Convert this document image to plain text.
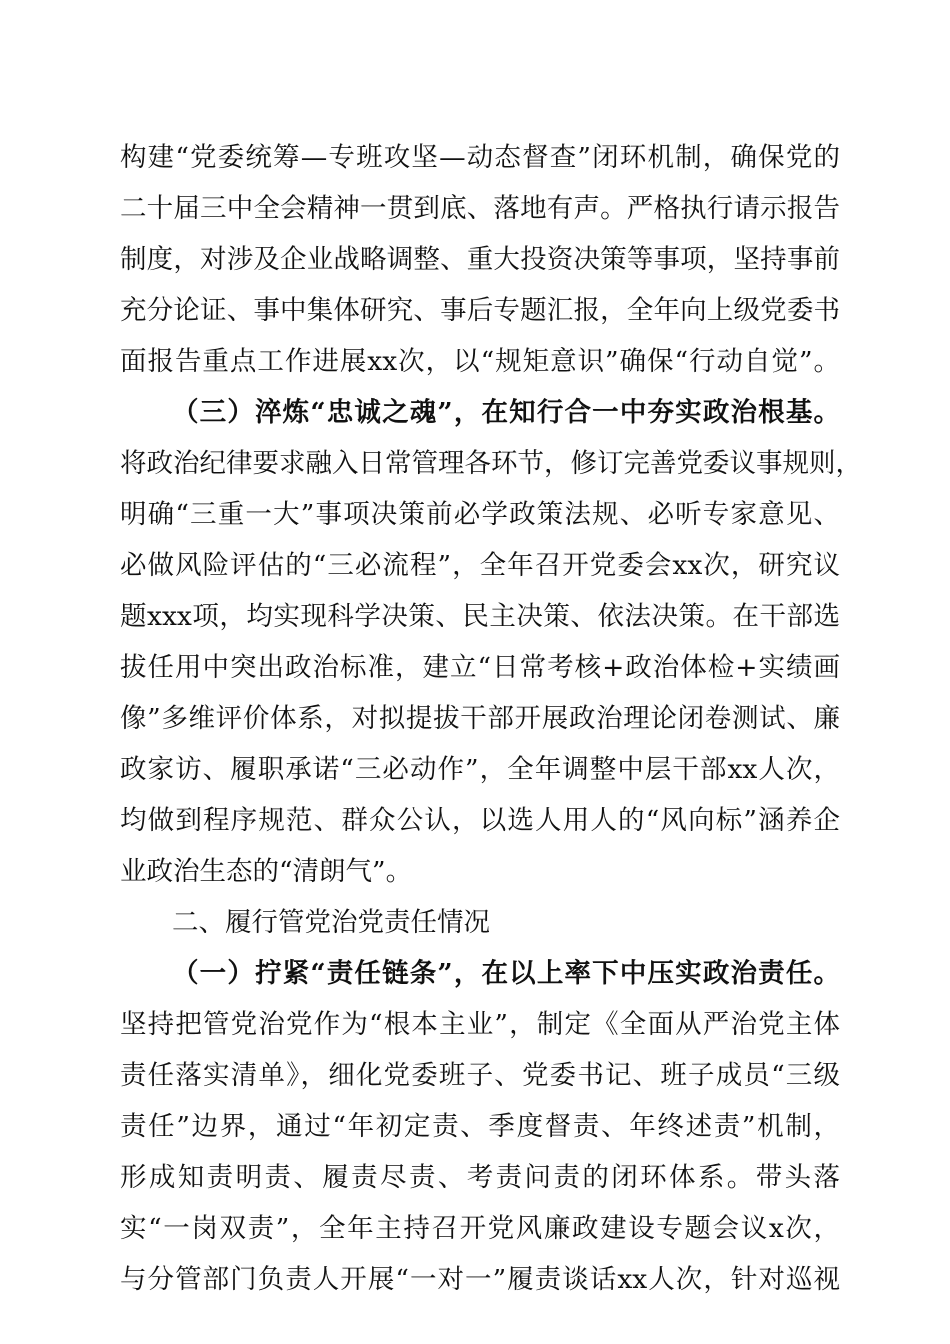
构建“党委统筹—专班攻坚—动态督查”闭环机制，确保党的
二十届三中全会精神一贯到底、落地有声。严格执行请示报告
制度，对涉及企业战略调整、重大投资决策等事项，坚持事前
充分论证、事中集体研究、事后专题汇报，全年向上级党委书
面报告重点工作进展xx次，以“规矩意识”确保“行动自觉”。
（三）淬炼“忠诚之魂”，在知行合一中夯实政治根基。
将政治纪律要求融入日常管理各环节，修订完善党委议事规则，
明确“三重一大”事项决策前必学政策法规、必听专家意见、
必做风险评估的“三必流程”，全年召开党委会xx次，研究议
题xxx项，均实现科学决策、民主决策、依法决策。在干部选
拔任用中突出政治标准，建立“日常考核+政治体检+实绩画
像”多维评价体系，对拟提拔干部开展政治理论闭卷测试、廉
政家访、履职承诺“三必动作”，全年调整中层干部xx人次，
均做到程序规范、群众公认，以选人用人的“风向标”涵养企
业政治生态的“清朗气”。
二、履行管党治党责任情况
（一）拧紧“责任链条”，在以上率下中压实政治责任。
坚持把管党治党作为“根本主业”，制定《全面从严治党主体
责任落实清单》，细化党委班子、党委书记、班子成员“三级
责任”边界，通过“年初定责、季度督责、年终述责”机制，
形成知责明责、履责尽责、考责问责的闭环体系。带头落
实“一岗双责”，全年主持召开党风廉政建设专题会议x次，
与分管部门负责人开展“一对一”履责谈话xx人次，针对巡视
